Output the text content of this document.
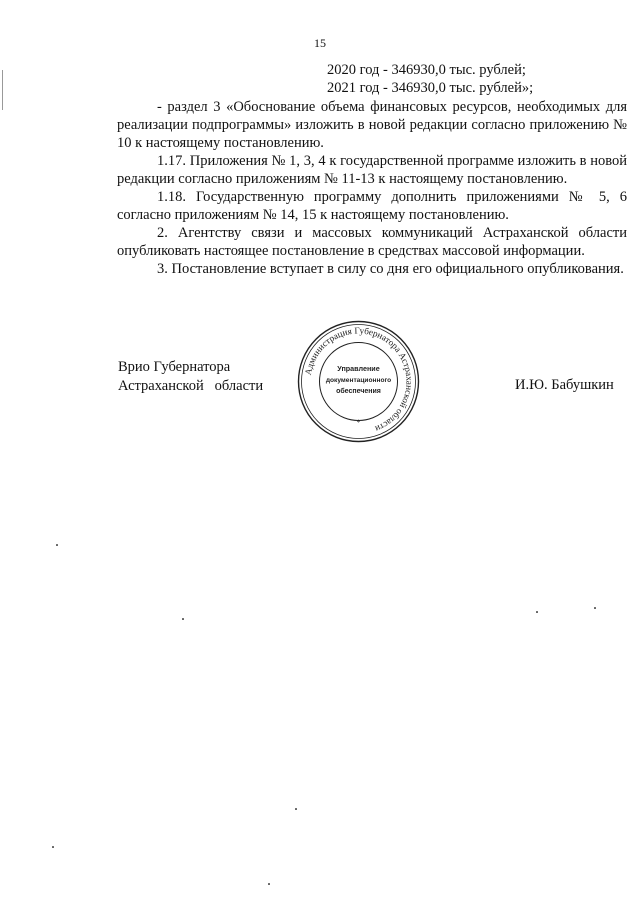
15
2020 год - 346930,0 тыс. рублей;
2021 год - 346930,0 тыс. рублей»;

- раздел 3 «Обоснование объема финансовых ресурсов, необходимых для реализации подпрограммы» изложить в новой редакции согласно приложению № 10 к настоящему постановлению.

1.17. Приложения № 1, 3, 4 к государственной программе изложить в новой редакции согласно приложениям № 11-13 к настоящему постановлению.

1.18. Государственную программу дополнить приложениями № 5, 6 согласно приложениям № 14, 15 к настоящему постановлению.

2. Агентству связи и массовых коммуникаций Астраханской области опубликовать настоящее постановление в средствах массовой информации.

3. Постановление вступает в силу со дня его официального опубликования.

Врио Губернатора
Астраханской   области	И.Ю. Бабушкин
Администрация Губернатора Астраханской области
*
Управление
документационного
обеспечения
